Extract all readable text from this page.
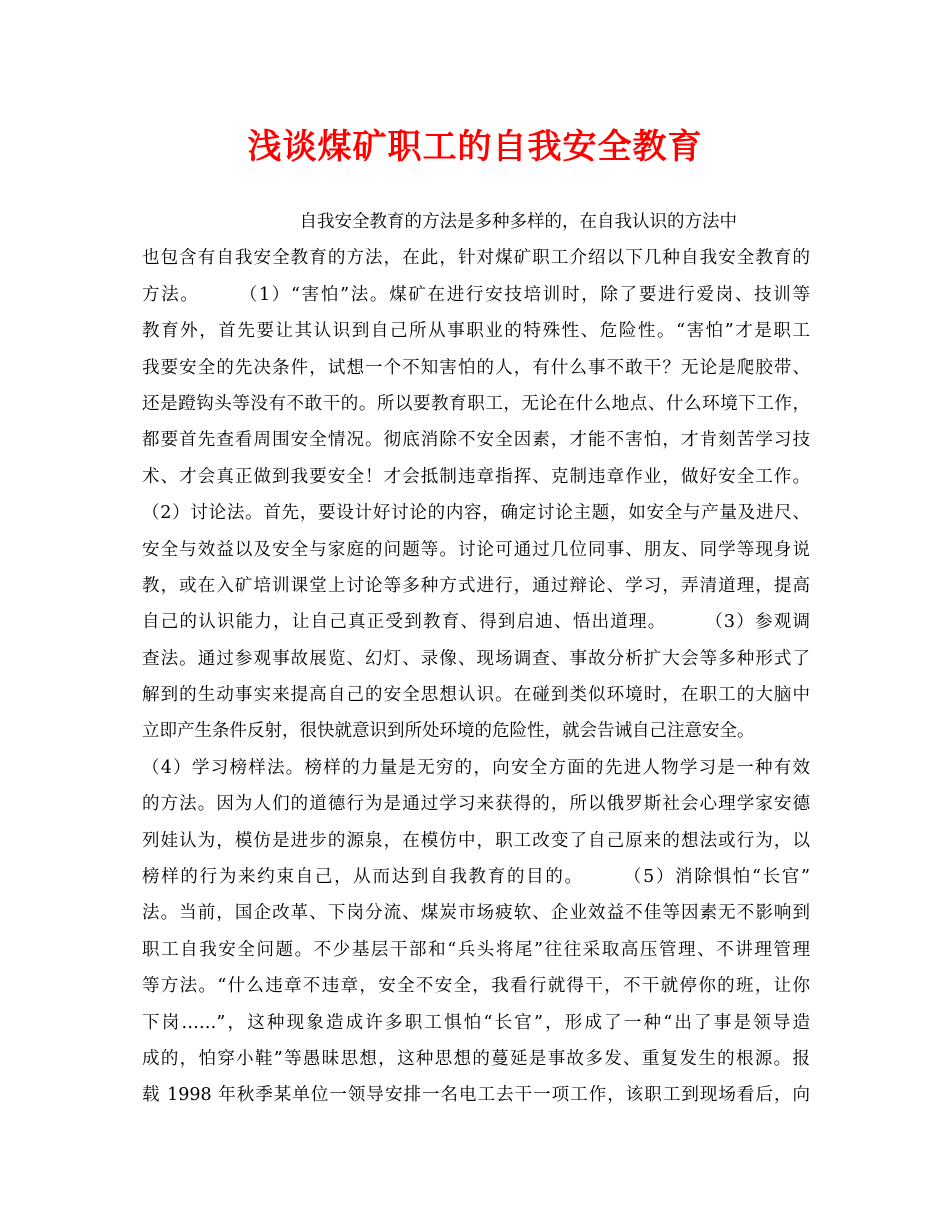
浅谈煤矿职工的自我安全教育
　　　　　　　　　自我安全教育的方法是多种多样的，在自我认识的方法中
也包含有自我安全教育的方法，在此，针对煤矿职工介绍以下几种自我安全教育的
方法。　　　（1）“害怕”法。煤矿在进行安技培训时，除了要进行爱岗、技训等
教育外，首先要让其认识到自己所从事职业的特殊性、危险性。“害怕”才是职工
我要安全的先决条件，试想一个不知害怕的人，有什么事不敢干？无论是爬胶带、
还是蹬钩头等没有不敢干的。所以要教育职工，无论在什么地点、什么环境下工作，
都要首先查看周围安全情况。彻底消除不安全因素，才能不害怕，才肯刻苦学习技
术、才会真正做到我要安全！才会抵制违章指挥、克制违章作业，做好安全工作。
（2）讨论法。首先，要设计好讨论的内容，确定讨论主题，如安全与产量及进尺、
安全与效益以及安全与家庭的问题等。讨论可通过几位同事、朋友、同学等现身说
教，或在入矿培训课堂上讨论等多种方式进行，通过辩论、学习，弄清道理，提高
自己的认识能力，让自己真正受到教育、得到启迪、悟出道理。　　　（3）参观调
查法。通过参观事故展览、幻灯、录像、现场调查、事故分析扩大会等多种形式了
解到的生动事实来提高自己的安全思想认识。在碰到类似环境时，在职工的大脑中
立即产生条件反射，很快就意识到所处环境的危险性，就会告诫自己注意安全。
（4）学习榜样法。榜样的力量是无穷的，向安全方面的先进人物学习是一种有效
的方法。因为人们的道德行为是通过学习来获得的，所以俄罗斯社会心理学家安德
列娃认为，模仿是进步的源泉，在模仿中，职工改变了自己原来的想法或行为，以
榜样的行为来约束自己，从而达到自我教育的目的。　　　（5）消除惧怕“长官”
法。当前，国企改革、下岗分流、煤炭市场疲软、企业效益不佳等因素无不影响到
职工自我安全问题。不少基层干部和“兵头将尾”往往采取高压管理、不讲理管理
等方法。“什么违章不违章，安全不安全，我看行就得干，不干就停你的班，让你
下岗……”，这种现象造成许多职工惧怕“长官”，形成了一种“出了事是领导造
成的，怕穿小鞋”等愚昧思想，这种思想的蔓延是事故多发、重复发生的根源。报
载 1998 年秋季某单位一领导安排一名电工去干一项工作，该职工到现场看后，向
